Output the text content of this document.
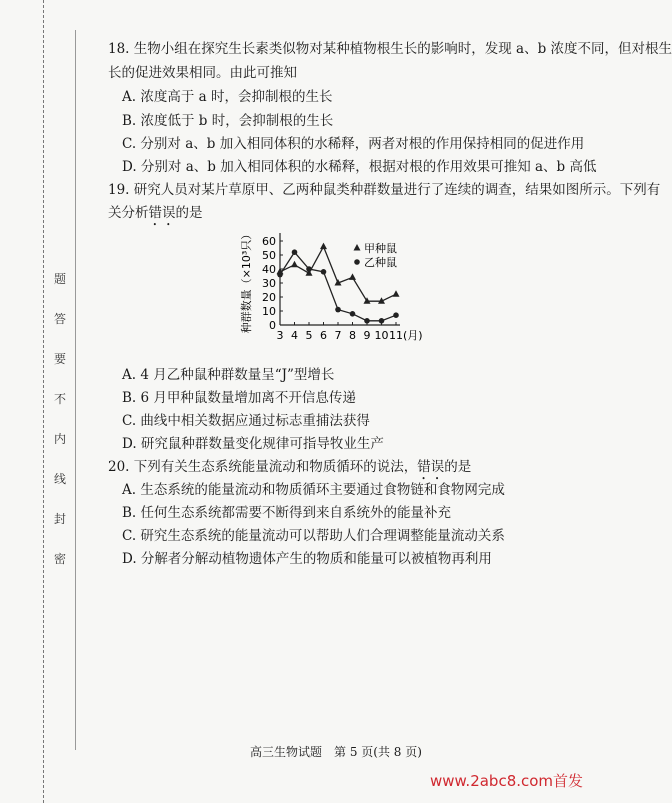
题
答
要
不
内
线
封
密
18. 生物小组在探究生长素类似物对某种植物根生长的影响时，发现 a、b 浓度不同，但对根生
长的促进效果相同。由此可推知
A. 浓度高于 a 时，会抑制根的生长
B. 浓度低于 b 时，会抑制根的生长
C. 分别对 a、b 加入相同体积的水稀释，两者对根的作用保持相同的促进作用
D. 分别对 a、b 加入相同体积的水稀释，根据对根的作用效果可推知 a、b 高低
19. 研究人员对某片草原甲、乙两种鼠类种群数量进行了连续的调查，结果如图所示。下列有
关分析错误的是
0
10
20
30
40
50
60
3 4 5 6 7 8 9 10 11 (月)
种群数量（×10³只）	甲种鼠
乙种鼠
A. 4 月乙种鼠种群数量呈“J”型增长
B. 6 月甲种鼠数量增加离不开信息传递
C. 曲线中相关数据应通过标志重捕法获得
D. 研究鼠种群数量变化规律可指导牧业生产
20. 下列有关生态系统能量流动和物质循环的说法，错误的是
A. 生态系统的能量流动和物质循环主要通过食物链和食物网完成
B. 任何生态系统都需要不断得到来自系统外的能量补充
C. 研究生态系统的能量流动可以帮助人们合理调整能量流动关系
D. 分解者分解动植物遗体产生的物质和能量可以被植物再利用
高三生物试题　第 5 页(共 8 页)
www.2abc8.com首发
